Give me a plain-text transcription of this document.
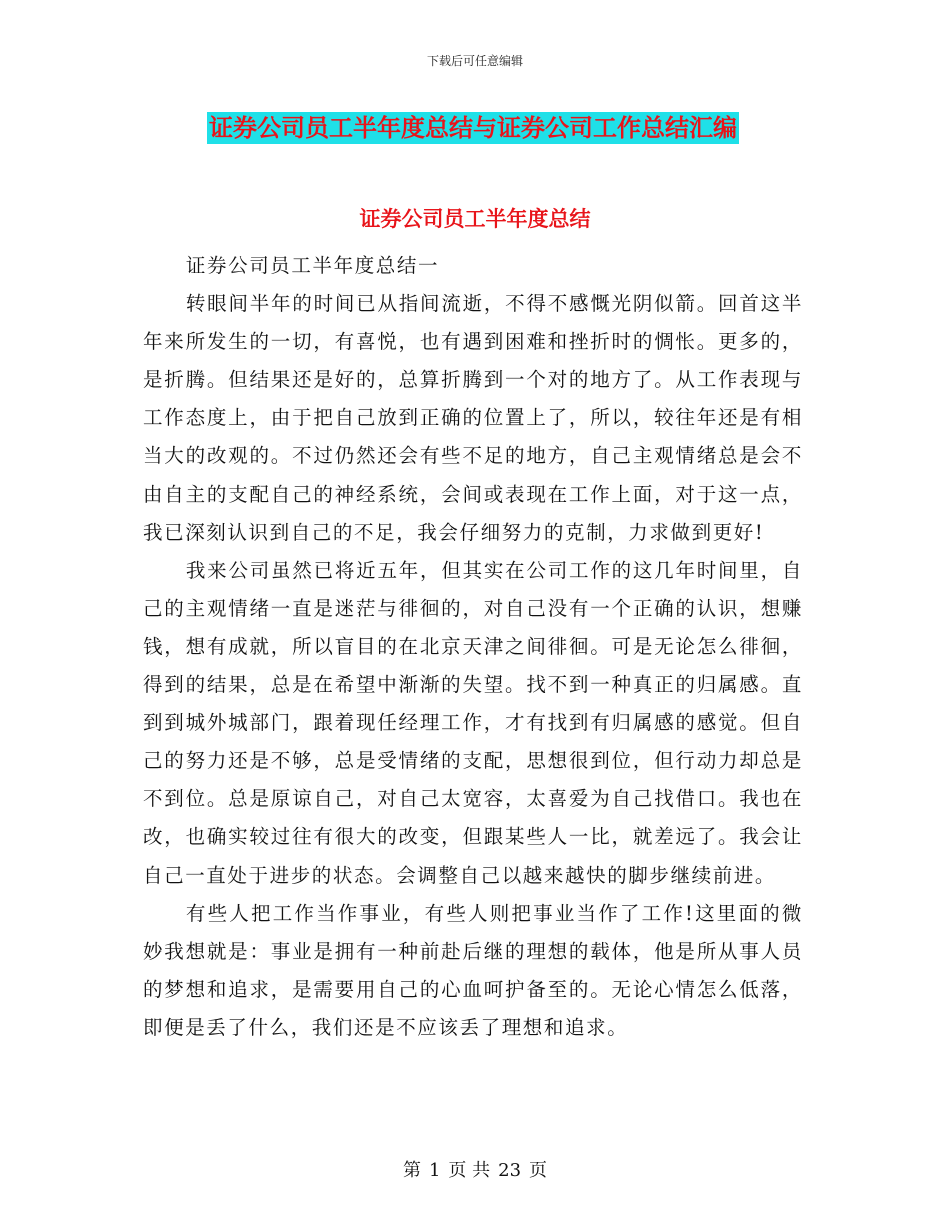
下载后可任意编辑
证券公司员工半年度总结与证券公司工作总结汇编
证券公司员工半年度总结

证券公司员工半年度总结一

转眼间半年的时间已从指间流逝，不得不感慨光阴似箭。回首这半年来所发生的一切，有喜悦，也有遇到困难和挫折时的惆怅。更多的，是折腾。但结果还是好的，总算折腾到一个对的地方了。从工作表现与工作态度上，由于把自己放到正确的位置上了，所以，较往年还是有相当大的改观的。不过仍然还会有些不足的地方，自己主观情绪总是会不由自主的支配自己的神经系统，会间或表现在工作上面，对于这一点，我已深刻认识到自己的不足，我会仔细努力的克制，力求做到更好!

我来公司虽然已将近五年，但其实在公司工作的这几年时间里，自己的主观情绪一直是迷茫与徘徊的，对自己没有一个正确的认识，想赚钱，想有成就，所以盲目的在北京天津之间徘徊。可是无论怎么徘徊，得到的结果，总是在希望中渐渐的失望。找不到一种真正的归属感。直到到城外城部门，跟着现任经理工作，才有找到有归属感的感觉。但自己的努力还是不够，总是受情绪的支配，思想很到位，但行动力却总是不到位。总是原谅自己，对自己太宽容，太喜爱为自己找借口。我也在改，也确实较过往有很大的改变，但跟某些人一比，就差远了。我会让自己一直处于进步的状态。会调整自己以越来越快的脚步继续前进。

有些人把工作当作事业，有些人则把事业当作了工作!这里面的微妙我想就是：事业是拥有一种前赴后继的理想的载体，他是所从事人员的梦想和追求，是需要用自己的心血呵护备至的。无论心情怎么低落，即便是丢了什么，我们还是不应该丢了理想和追求。

第 1 页 共 23 页
